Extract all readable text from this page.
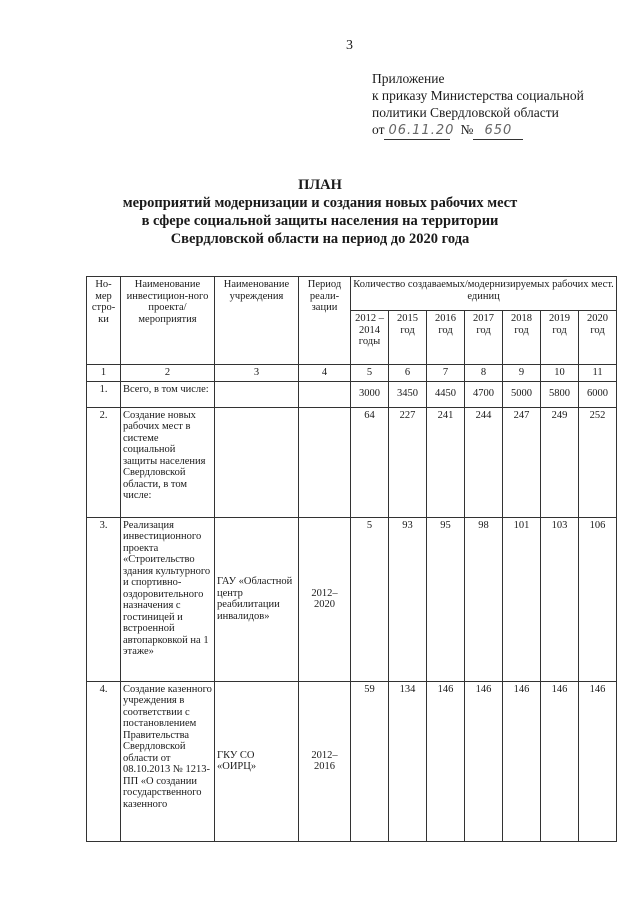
3
Приложение
к приказу Министерства социальной
политики Свердловской области
от 06.11.20 № 650
ПЛАН
мероприятий модернизации и создания новых рабочих мест
в сфере социальной защиты населения на территории
Свердловской области на период до 2020 года
Но-мер стро-ки	Наименование инвестицион-ного проекта/ мероприятия	Наименование учреждения	Период реали-зации	Количество создаваемых/модернизируемых рабочих мест. единиц						
				2012 – 2014 годы	2015 год	2016 год	2017 год	2018 год	2019 год	2020 год
1	2	3	4	5	6	7	8	9	10	11
1.	Всего, в том числе:			3000	3450	4450	4700	5000	5800	6000
2.	Создание новых рабочих мест в системе социальной защиты населения Свердловской области, в том числе:			64	227	241	244	247	249	252
3.	Реализация инвестиционного проекта «Строительство здания культурного и спортивно-оздоровительного назначения с гостиницей и встроенной автопарковкой на 1 этаже»	ГАУ «Областной центр реабилитации инвалидов»	2012–2020	5	93	95	98	101	103	106
4.	Создание казенного учреждения в соответствии с постановлением Правительства Свердловской области от 08.10.2013 № 1213-ПП «О создании государственного казенного	ГКУ СО «ОИРЦ»	2012–2016	59	134	146	146	146	146	146
